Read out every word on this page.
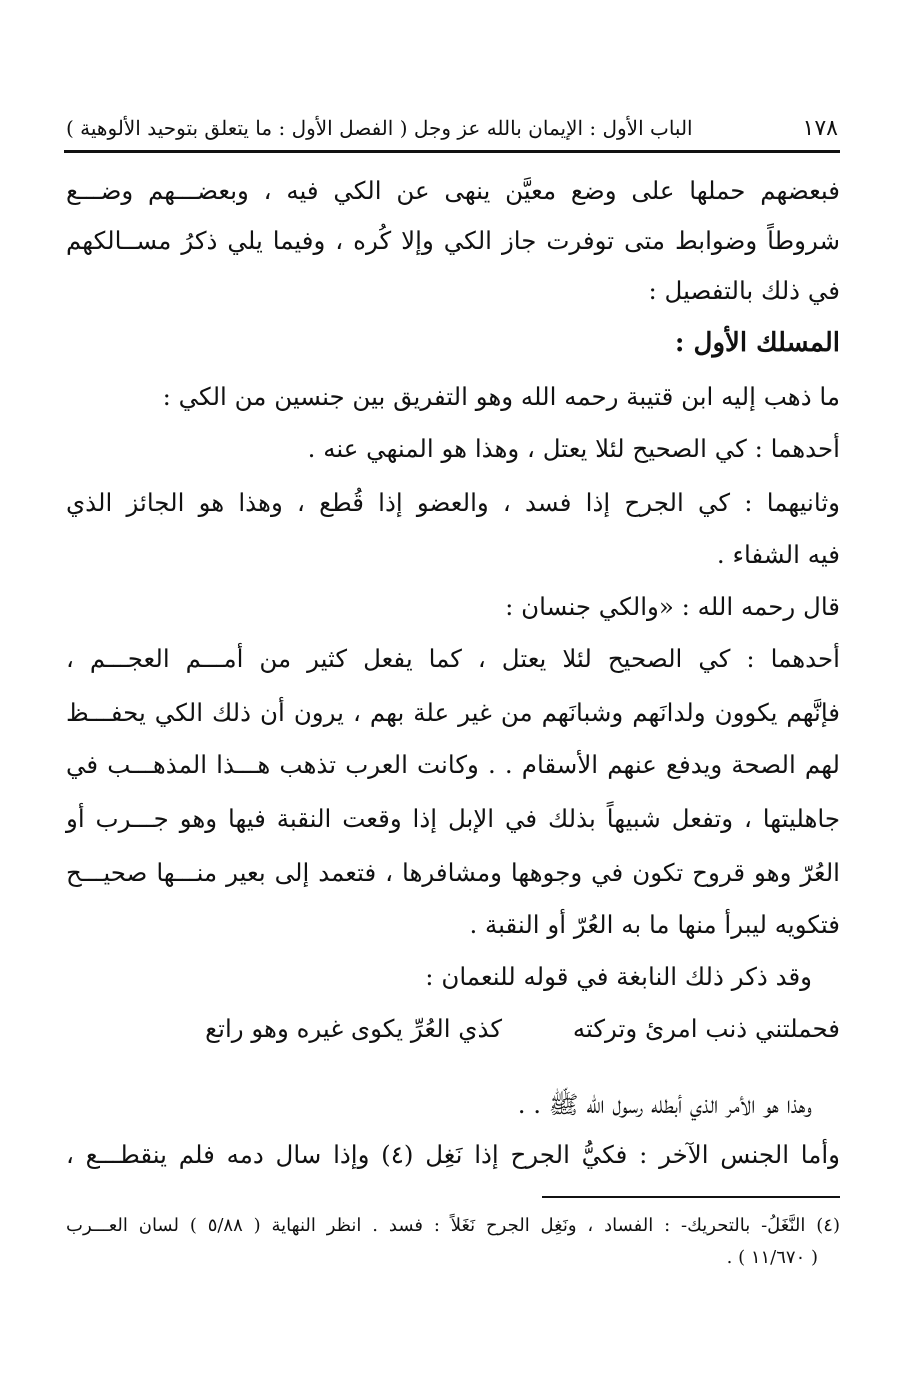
١٧٨
الباب الأول : الإيمان بالله عز وجل ( الفصل الأول : ما يتعلق بتوحيد الألوهية )
فبعضهم حملها على وضع معيَّن ينهى عن الكي فيه ، وبعضـــهم وضـــع
شروطاً وضوابط متى توفرت جاز الكي وإلا كُره ، وفيما يلي ذكرُ مســالكهم
في ذلك بالتفصيل :
المسلك الأول :
ما ذهب إليه ابن قتيبة رحمه الله وهو التفريق بين جنسين من الكي :
أحدهما : كي الصحيح لئلا يعتل ، وهذا هو المنهي عنه .
وثانيهما : كي الجرح إذا فسد ، والعضو إذا قُطع ، وهذا هو الجائز الذي
فيه الشفاء .
قال رحمه الله : «والكي جنسان :
أحدهما : كي الصحيح لئلا يعتل ، كما يفعل كثير من أمـــم العجـــم ،
فإنَّهم يكوون ولدانَهم وشبانَهم من غير علة بهم ، يرون أن ذلك الكي يحفـــظ
لهم الصحة ويدفع عنهم الأسقام . . وكانت العرب تذهب هـــذا المذهـــب في
جاهليتها ، وتفعل شبيهاً بذلك في الإبل إذا وقعت النقبة فيها وهو جـــرب أو
العُرّ وهو قروح تكون في وجوهها ومشافرها ، فتعمد إلى بعير منـــها صحيـــح
فتكويه ليبرأ منها ما به العُرّ أو النقبة .
وقد ذكر ذلك النابغة في قوله للنعمان :
فحملتني ذنب امرئ وتركته
كذي العُرِّ يكوى غيره وهو راتع
وهذا هو الأمر الذي أبطله رسول الله ﷺ . .
وأما الجنس الآخر : فكيُّ الجرح إذا نَغِل (٤) وإذا سال دمه فلم ينقطـــع ،
(٤) النَّغَلُ- بالتحريك- : الفساد ، ونَغِل الجرح نَغَلاً : فسد . انظر النهاية ( ٥/٨٨ ) لسان العـــرب
( ١١/٦٧٠ ) .
